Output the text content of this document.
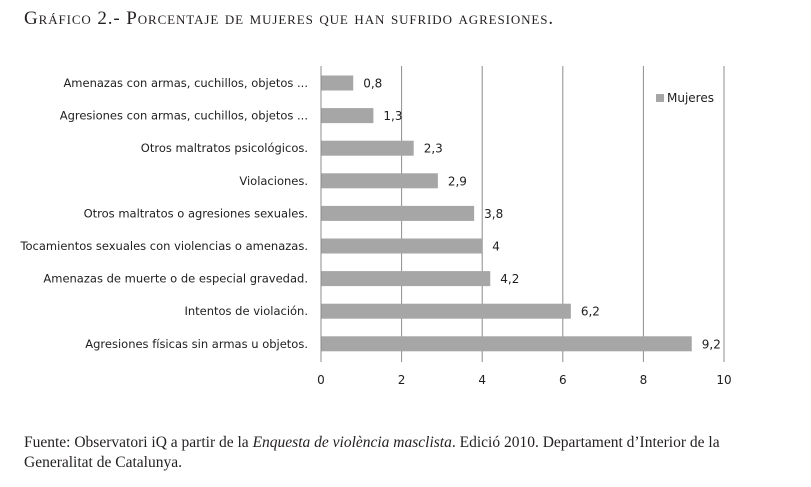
Gráfico 2.- Porcentaje de mujeres que han sufrido agresiones.
0	2	4	6	8	10
Amenazas con armas, cuchillos, objetos ...	0,8
Agresiones con armas, cuchillos, objetos ...	1,3
Otros maltratos psicológicos.	2,3
Violaciones.	2,9
Otros maltratos o agresiones sexuales.	3,8
Tocamientos sexuales con violencias o amenazas.	4
Amenazas de muerte o de especial gravedad.	4,2
Intentos de violación.	6,2
Agresiones físicas sin armas u objetos.	9,2
Mujeres
Fuente: Observatori iQ a partir de la Enquesta de violència masclista. Edició 2010. Departament d’Interior de la Generalitat de Catalunya.
